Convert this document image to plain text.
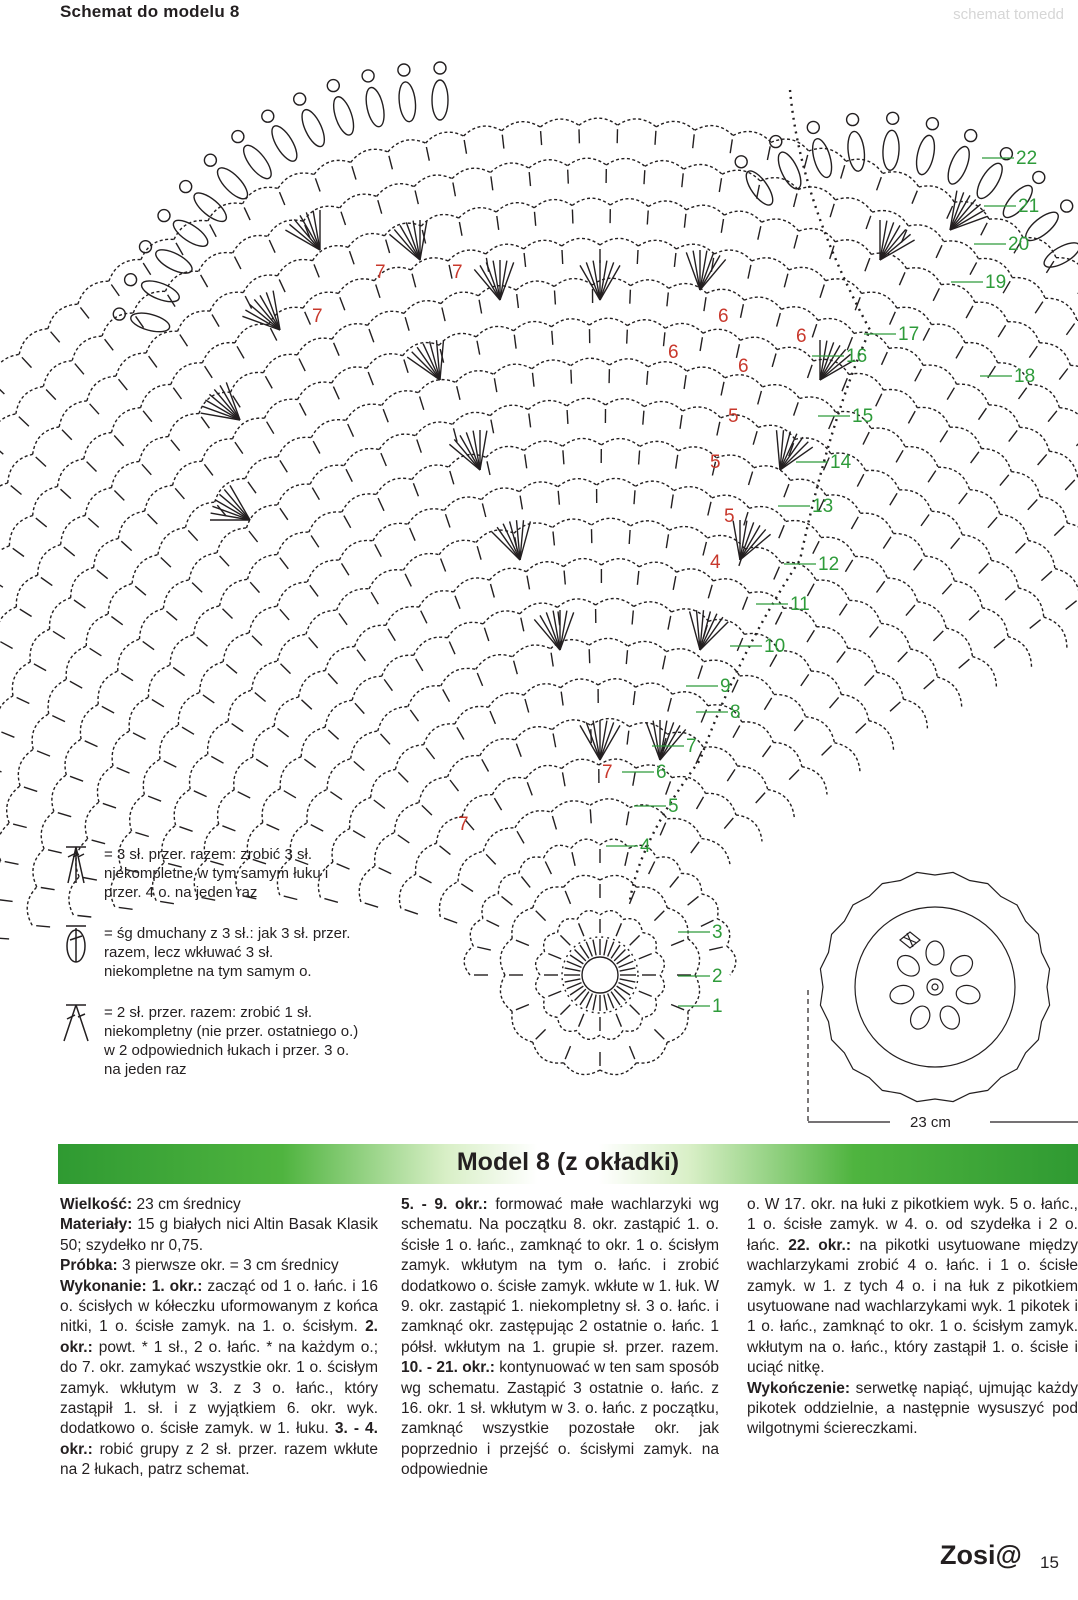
Schemat do modelu 8	schemat tomedd
7	7
7	6
6
6
6
5
5
5
4
7
7
22
21
20
19
18
17
16
15
14
13
12
11
10
9
8
7
6
5
4
3
2
1
= 3 sł. przer. razem: zrobić 3 sł. niekompletne w tym samym łuku i przer. 4 o. na jeden raz
= śg dmuchany z 3 sł.: jak 3 sł. przer. razem, lecz wkłuwać 3 sł. niekompletne na tym samym o.
= 2 sł. przer. razem: zrobić 1 sł. niekompletny (nie przer. ostatniego o.) w 2 odpowiednich łukach i przer. 3 o. na jeden raz
23 cm
Model 8 (z okładki)

Wielkość: 23 cm średnicy
Materiały: 15 g białych nici Altin Basak Klasik 50; szydełko nr 0,75.
Próbka: 3 pierwsze okr. = 3 cm średnicy
Wykonanie: 1. okr.: zacząć od 1 o. łańc. i 16 o. ścisłych w kółeczku uformowanym z końca nitki, 1 o. ścisłe zamyk. na 1. o. ścisłym. 2. okr.: powt. * 1 sł., 2 o. łańc. * na każdym o.; do 7. okr. zamykać wszystkie okr. 1 o. ścisłym zamyk. wkłutym w 3. z 3 o. łańc., który zastąpił 1. sł. i z wyjątkiem 6. okr. wyk. dodatkowo o. ścisłe zamyk. w 1. łuku. 3. - 4. okr.: robić grupy z 2 sł. przer. razem wkłute na 2 łukach, patrz schemat.

5. - 9. okr.: formować małe wachlarzyki wg schematu. Na początku 8. okr. zastąpić 1. o. ścisłe 1 o. łańc., zamknąć to okr. 1 o. ścisłym zamyk. wkłutym na tym o. łańc. i zrobić dodatkowo o. ścisłe zamyk. wkłute w 1. łuk. W 9. okr. zastąpić 1. niekompletny sł. 3 o. łańc. i zamknąć okr. zastępując 2 ostatnie o. łańc. 1 półsł. wkłutym na 1. grupie sł. przer. razem. 10. - 21. okr.: kontynuować w ten sam sposób wg schematu. Zastąpić 3 ostatnie o. łańc. z 16. okr. 1 sł. wkłutym w 3. o. łańc. z początku, zamknąć wszystkie pozostałe okr. jak poprzednio i przejść o. ścisłymi zamyk. na odpowiednie

o. W 17. okr. na łuki z pikotkiem wyk. 5 o. łańc., 1 o. ścisłe zamyk. w 4. o. od szydełka i 2 o. łańc. 22. okr.: na pikotki usytuowane między wachlarzykami zrobić 4 o. łańc. i 1 o. ścisłe zamyk. w 1. z tych 4 o. i na łuk z pikotkiem usytuowane nad wachlarzykami wyk. 1 pikotek i 1 o. łańc., zamknąć to okr. 1 o. ścisłym zamyk. wkłutym na o. łańc., który zastąpił 1. o. ścisłe i uciąć nitkę.
Wykończenie: serwetkę napiąć, ujmując każdy pikotek oddzielnie, a następnie wysuszyć pod wilgotnymi ściereczkami.

Zosi@ 15
